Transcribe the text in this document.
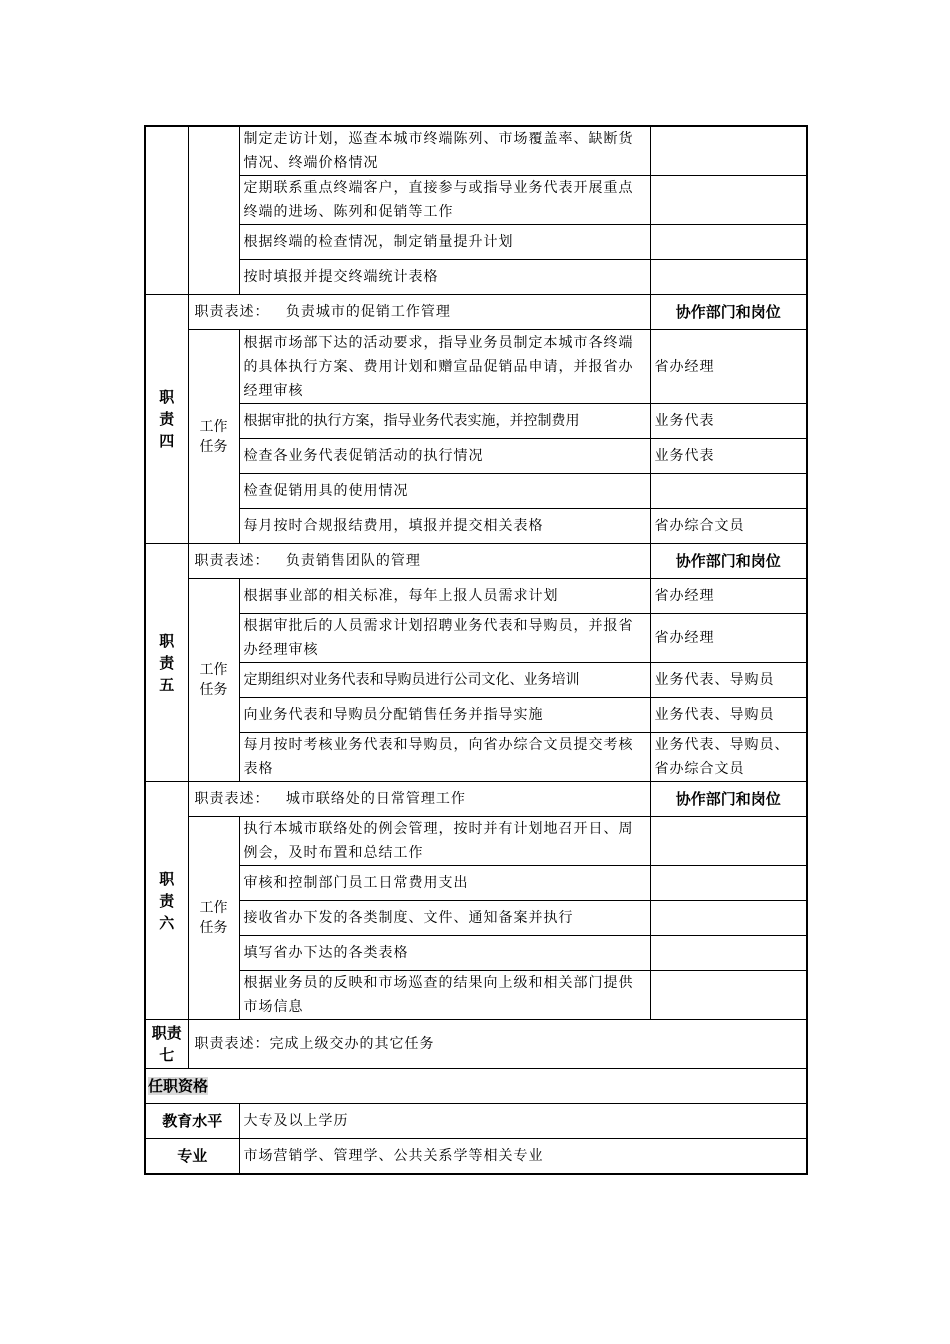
		制定走访计划，巡查本城市终端陈列、市场覆盖率、缺断货情况、终端价格情况	
		定期联系重点终端客户，直接参与或指导业务代表开展重点终端的进场、陈列和促销等工作	
		根据终端的检查情况，制定销量提升计划	
		按时填报并提交终端统计表格	
职责四	职责表述： 负责城市的促销工作管理		协作部门和岗位
	工作任务	根据市场部下达的活动要求，指导业务员制定本城市各终端的具体执行方案、费用计划和赠宣品促销品申请，并报省办经理审核	省办经理
		根据审批的执行方案，指导业务代表实施，并控制费用	业务代表
		检查各业务代表促销活动的执行情况	业务代表
		检查促销用具的使用情况	
		每月按时合规报结费用，填报并提交相关表格	省办综合文员
职责五	职责表述： 负责销售团队的管理		协作部门和岗位
	工作任务	根据事业部的相关标准，每年上报人员需求计划	省办经理
		根据审批后的人员需求计划招聘业务代表和导购员，并报省办经理审核	省办经理
		定期组织对业务代表和导购员进行公司文化、业务培训	业务代表、导购员
		向业务代表和导购员分配销售任务并指导实施	业务代表、导购员
		每月按时考核业务代表和导购员，向省办综合文员提交考核表格	业务代表、导购员、省办综合文员
职责六	职责表述： 城市联络处的日常管理工作		协作部门和岗位
	工作任务	执行本城市联络处的例会管理，按时并有计划地召开日、周例会，及时布置和总结工作	
		审核和控制部门员工日常费用支出	
		接收省办下发的各类制度、文件、通知备案并执行	
		填写省办下达的各类表格	
		根据业务员的反映和市场巡查的结果向上级和相关部门提供市场信息	
职责七	职责表述：完成上级交办的其它任务		
任职资格			
教育水平		大专及以上学历	
专业		市场营销学、管理学、公共关系学等相关专业	
